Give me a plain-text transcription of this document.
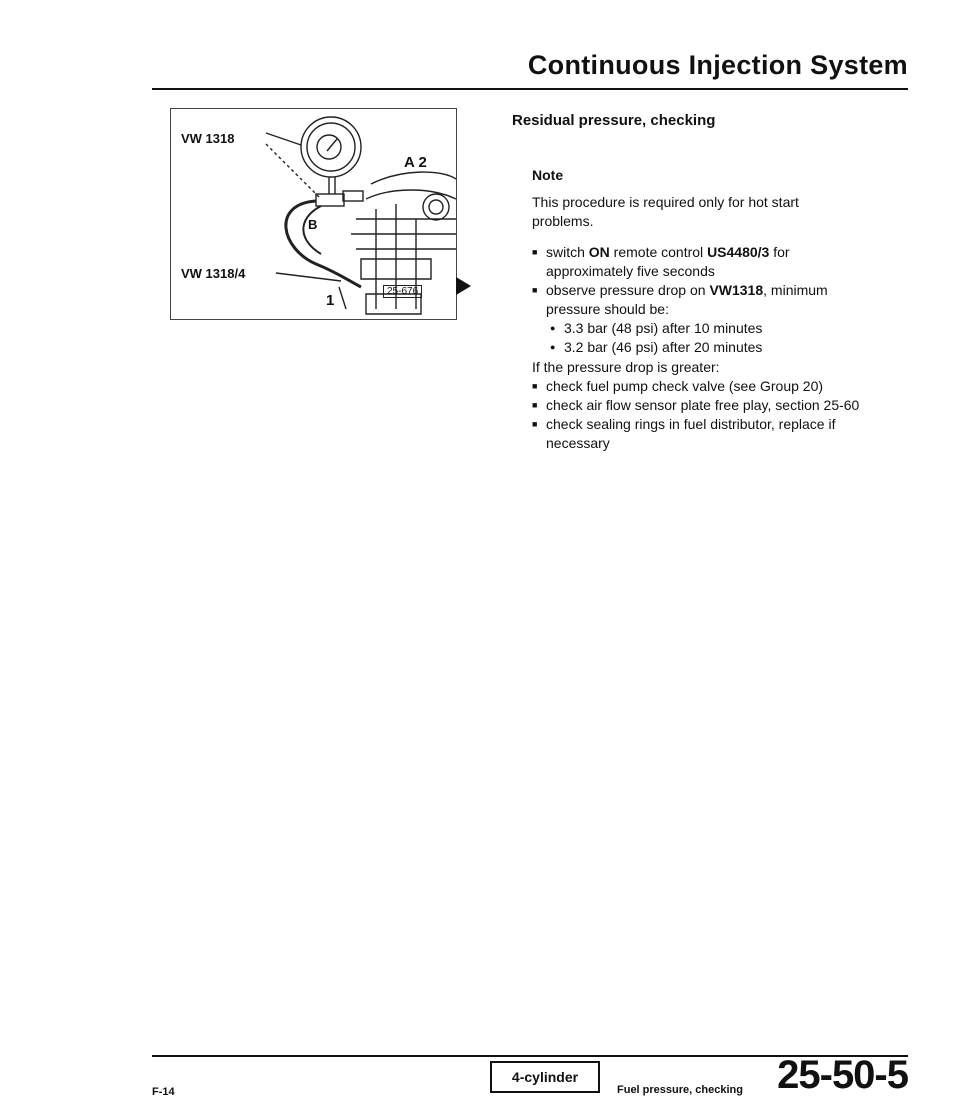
Continuous Injection System
VW 1318
VW 1318/4
A 2
B
1
25-676
Residual pressure, checking
Note
This procedure is required only for hot start problems.
■ switch ON remote control US4480/3 for approximately five seconds
■ observe pressure drop on VW1318, minimum pressure should be:
● 3.3 bar (48 psi) after 10 minutes
● 3.2 bar (46 psi) after 20 minutes
If the pressure drop is greater:
■ check fuel pump check valve (see Group 20)
■ check air flow sensor plate free play, section 25-60
■ check sealing rings in fuel distributor, replace if necessary
F-14
4-cylinder
Fuel pressure, checking 25-50-5
